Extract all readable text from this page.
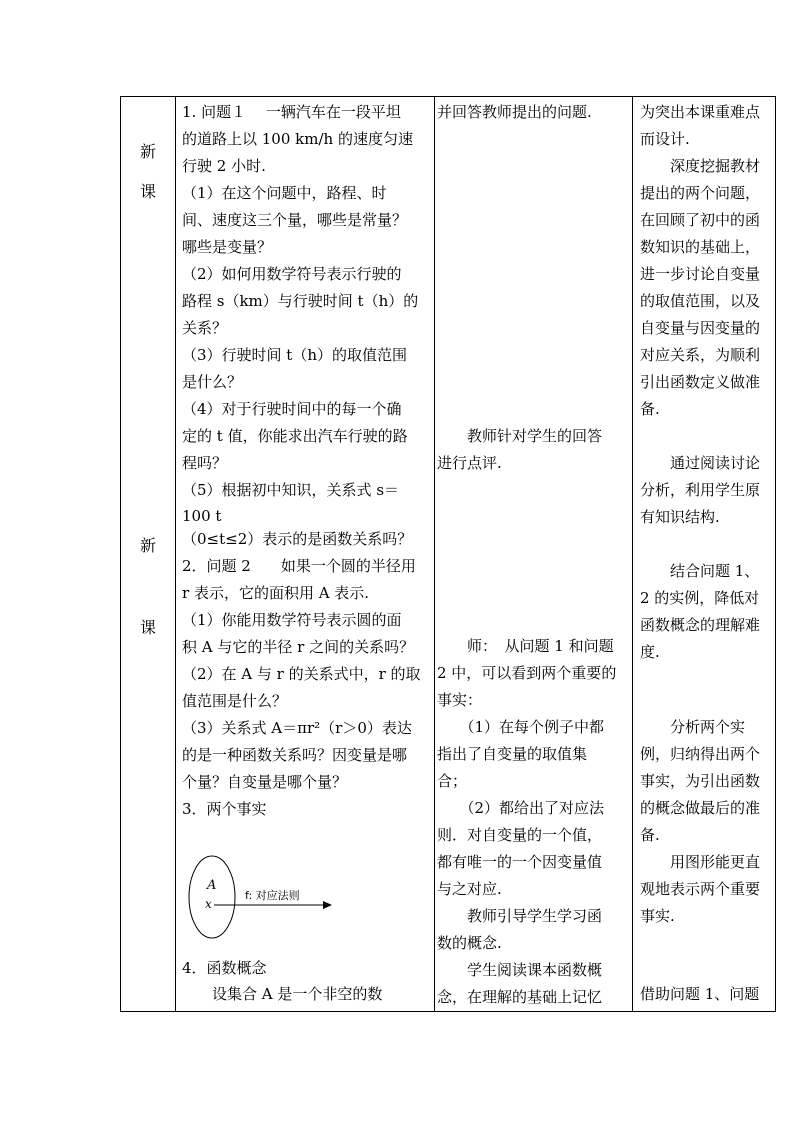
新
课
新
课
1. 问题１　 一辆汽车在一段平坦
的道路上以 100 km/h 的速度匀速
行驶 2 小时.
（1）在这个问题中，路程、时
间、速度这三个量，哪些是常量？
哪些是变量？
（2）如何用数学符号表示行驶的
路程 s（km）与行驶时间 t（h）的
关系？
（3）行驶时间 t（h）的取值范围
是什么？
（4）对于行驶时间中的每一个确
定的 t 值，你能求出汽车行驶的路
程吗？
（5）根据初中知识，关系式 s＝
100 t
（0≤t≤2）表示的是函数关系吗？
2．问题 2　　如果一个圆的半径用
r 表示，它的面积用 A 表示.
（1）你能用数学符号表示圆的面
积 A 与它的半径 r 之间的关系吗？
（2）在 A 与 r 的关系式中，r 的取
值范围是什么？
（3）关系式 A＝πr²（r＞0）表达
的是一种函数关系吗？因变量是哪
个量？自变量是哪个量？
3．两个事实
4．函数概念
　　设集合 A 是一个非空的数
并回答教师提出的问题.
　　教师针对学生的回答
进行点评.
　　师：　从问题 1 和问题
2 中，可以看到两个重要的
事实：
　　（1）在每个例子中都
指出了自变量的取值集
合；
　　（2）都给出了对应法
则．对自变量的一个值，
都有唯一的一个因变量值
与之对应.
　　教师引导学生学习函
数的概念.
　　学生阅读课本函数概
念，在理解的基础上记忆
为突出本课重难点
而设计.
　　深度挖掘教材
提出的两个问题，
在回顾了初中的函
数知识的基础上，
进一步讨论自变量
的取值范围，以及
自变量与因变量的
对应关系，为顺利
引出函数定义做准
备.
　　通过阅读讨论
分析，利用学生原
有知识结构.
　　结合问题 1、
2 的实例，降低对
函数概念的理解难
度.
　　分析两个实
例，归纳得出两个
事实，为引出函数
的概念做最后的准
备.
　　用图形能更直
观地表示两个重要
事实.
借助问题 1、问题
A
x
f: 对应法则
